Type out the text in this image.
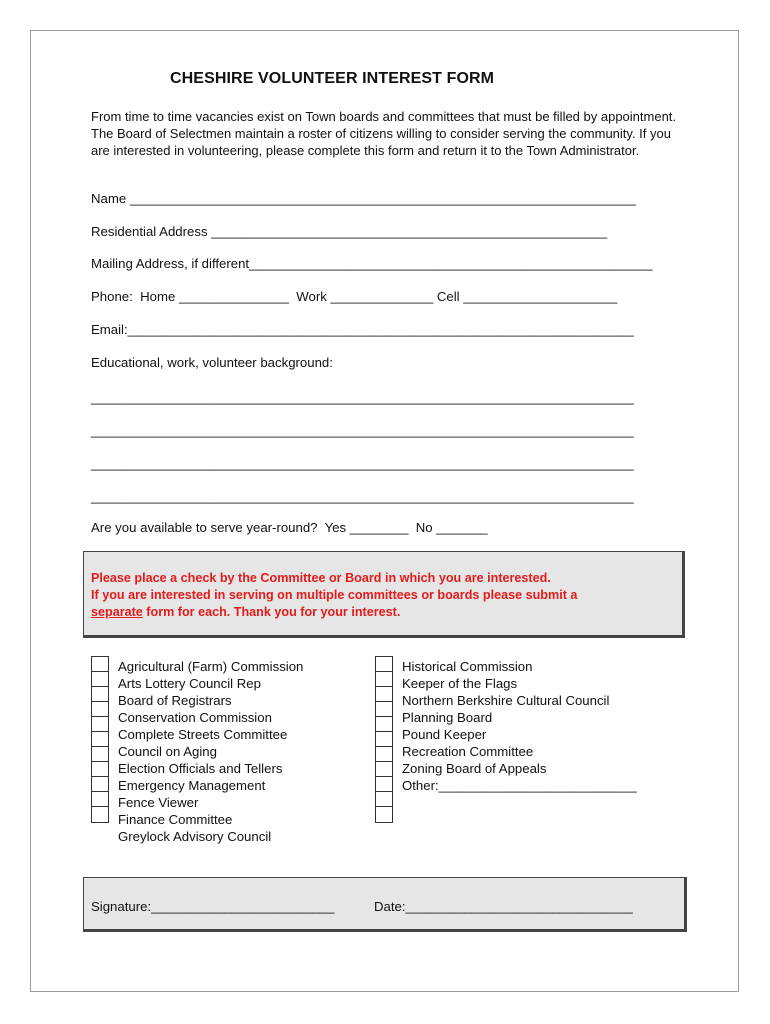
CHESHIRE VOLUNTEER INTEREST FORM
From time to time vacancies exist on Town boards and committees that must be filled by appointment. The Board of Selectmen maintain a roster of citizens willing to consider serving the community. If you are interested in volunteering, please complete this form and return it to the Town Administrator.
Name _____________________________________________________________________
Residential Address ______________________________________________________
Mailing Address, if different_______________________________________________________
Phone:  Home _______________  Work ______________ Cell _____________________
Email:_____________________________________________________________________
Educational, work, volunteer background:
__________________________________________________________________________
__________________________________________________________________________
__________________________________________________________________________
__________________________________________________________________________
Are you available to serve year-round?  Yes ________  No _______
Please place a check by the Committee or Board in which you are interested.
If you are interested in serving on multiple committees or boards please submit a
separate form for each. Thank you for your interest.
Agricultural (Farm) Commission
Arts Lottery Council Rep
Board of Registrars
Conservation Commission
Complete Streets Committee
Council on Aging
Election Officials and Tellers
Emergency Management
Fence Viewer
Finance Committee
Greylock Advisory Council
Historical Commission
Keeper of the Flags
Northern Berkshire Cultural Council
Planning Board
Pound Keeper
Recreation Committee
Zoning Board of Appeals
Other:___________________________
Signature:_________________________	Date:_______________________________
